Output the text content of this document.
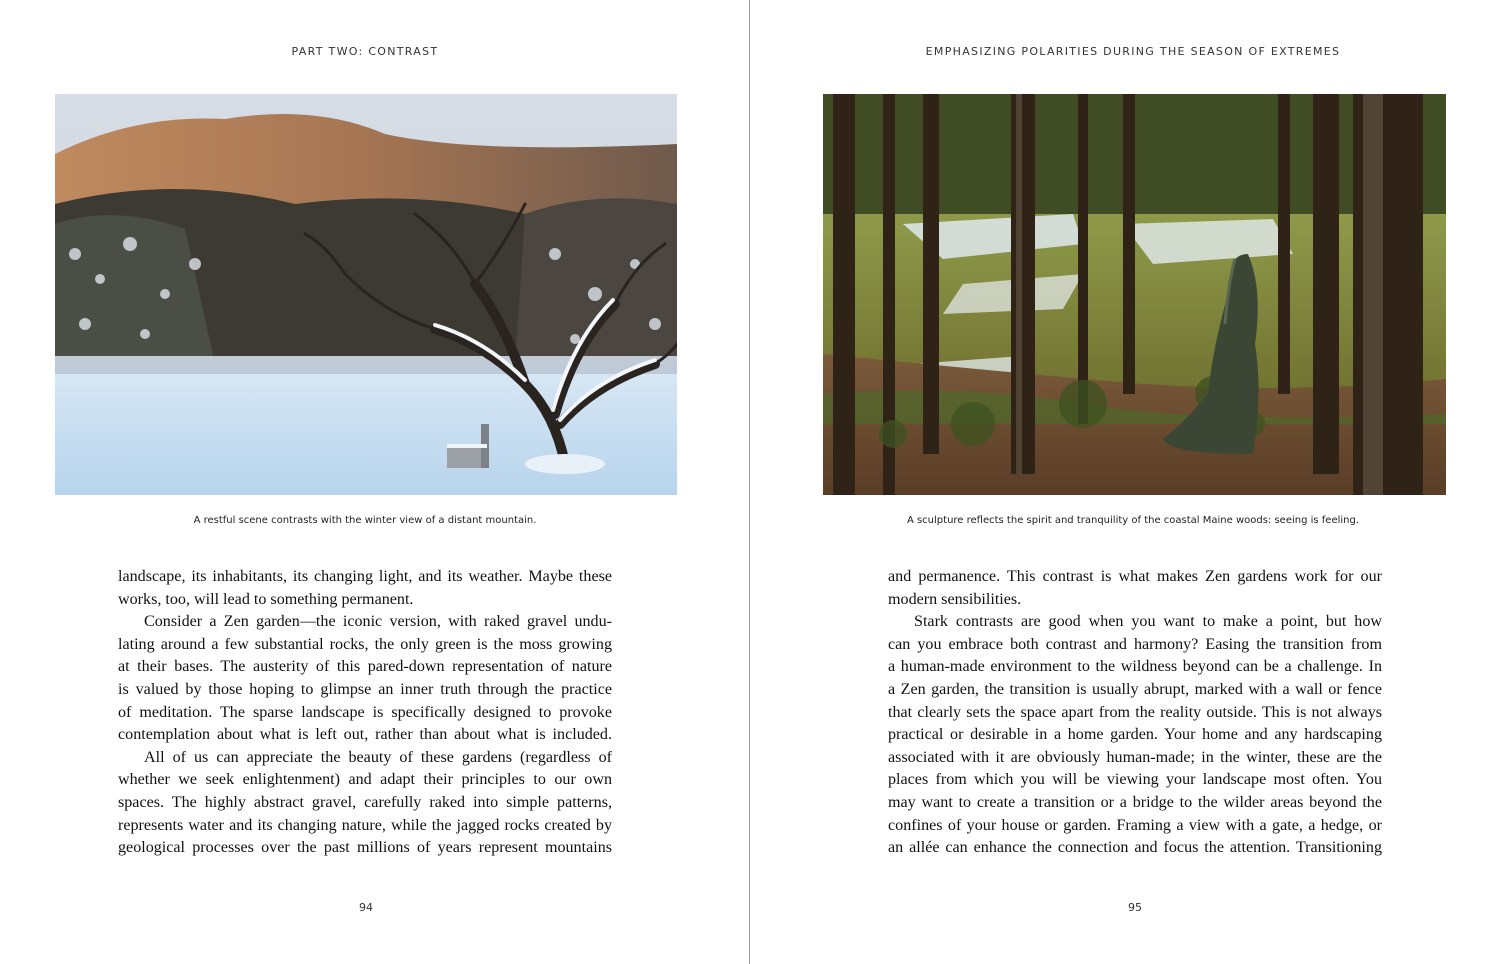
PART TWO: CONTRAST
A restful scene contrasts with the winter view of a distant mountain.
landscape, its inhabitants, its changing light, and its weather. Maybe these
works, too, will lead to something permanent.
Consider a Zen garden—the iconic version, with raked gravel undu-
lating around a few substantial rocks, the only green is the moss growing
at their bases. The austerity of this pared-down representation of nature
is valued by those hoping to glimpse an inner truth through the practice
of meditation. The sparse landscape is specifically designed to provoke
contemplation about what is left out, rather than about what is included.
All of us can appreciate the beauty of these gardens (regardless of
whether we seek enlightenment) and adapt their principles to our own
spaces. The highly abstract gravel, carefully raked into simple patterns,
represents water and its changing nature, while the jagged rocks created by
geological processes over the past millions of years represent mountains
94
EMPHASIZING POLARITIES DURING THE SEASON OF EXTREMES
A sculpture reflects the spirit and tranquility of the coastal Maine woods: seeing is feeling.
and permanence. This contrast is what makes Zen gardens work for our
modern sensibilities.
Stark contrasts are good when you want to make a point, but how
can you embrace both contrast and harmony? Easing the transition from
a human-made environment to the wildness beyond can be a challenge. In
a Zen garden, the transition is usually abrupt, marked with a wall or fence
that clearly sets the space apart from the reality outside. This is not always
practical or desirable in a home garden. Your home and any hardscaping
associated with it are obviously human-made; in the winter, these are the
places from which you will be viewing your landscape most often. You
may want to create a transition or a bridge to the wilder areas beyond the
confines of your house or garden. Framing a view with a gate, a hedge, or
an allée can enhance the connection and focus the attention. Transitioning
95
